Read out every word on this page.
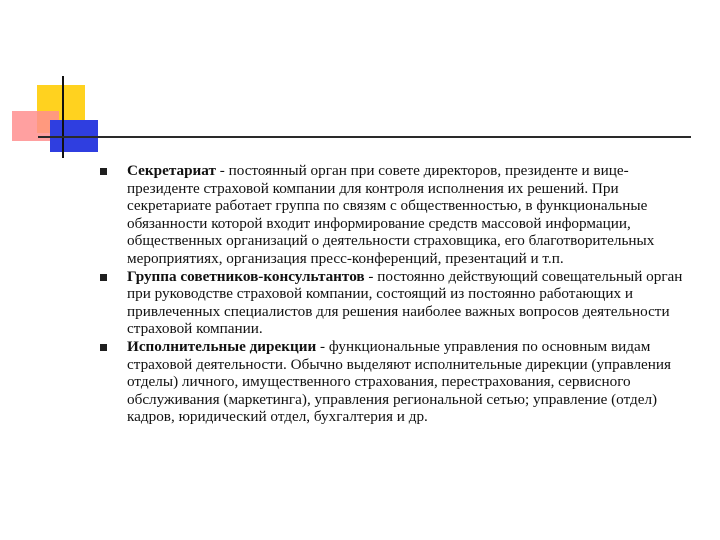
Секретариат - постоянный орган при совете директоров, президенте и вице-президенте страховой компании для контроля исполнения их решений. При секретариате работает группа по связям с общественностью, в функциональные обязанности которой входит информирование средств массовой информации, общественных организаций о деятельности страховщика, его благотворительных мероприятиях, организация пресс-конференций, презентаций и т.п.
Группа советников-консультантов - постоянно действующий совещательный орган при руководстве страховой компании, состоящий из постоянно работающих и привлеченных специалистов для решения наиболее важных вопросов деятельности страховой компании.
Исполнительные дирекции - функциональные управления по основным видам страховой деятельности. Обычно выделяют исполнительные дирекции (управления отделы) личного, имущественного страхования, перестрахования, сервисного обслуживания (маркетинга), управления региональной сетью; управление (отдел) кадров, юридический отдел, бухгалтерия и др.
